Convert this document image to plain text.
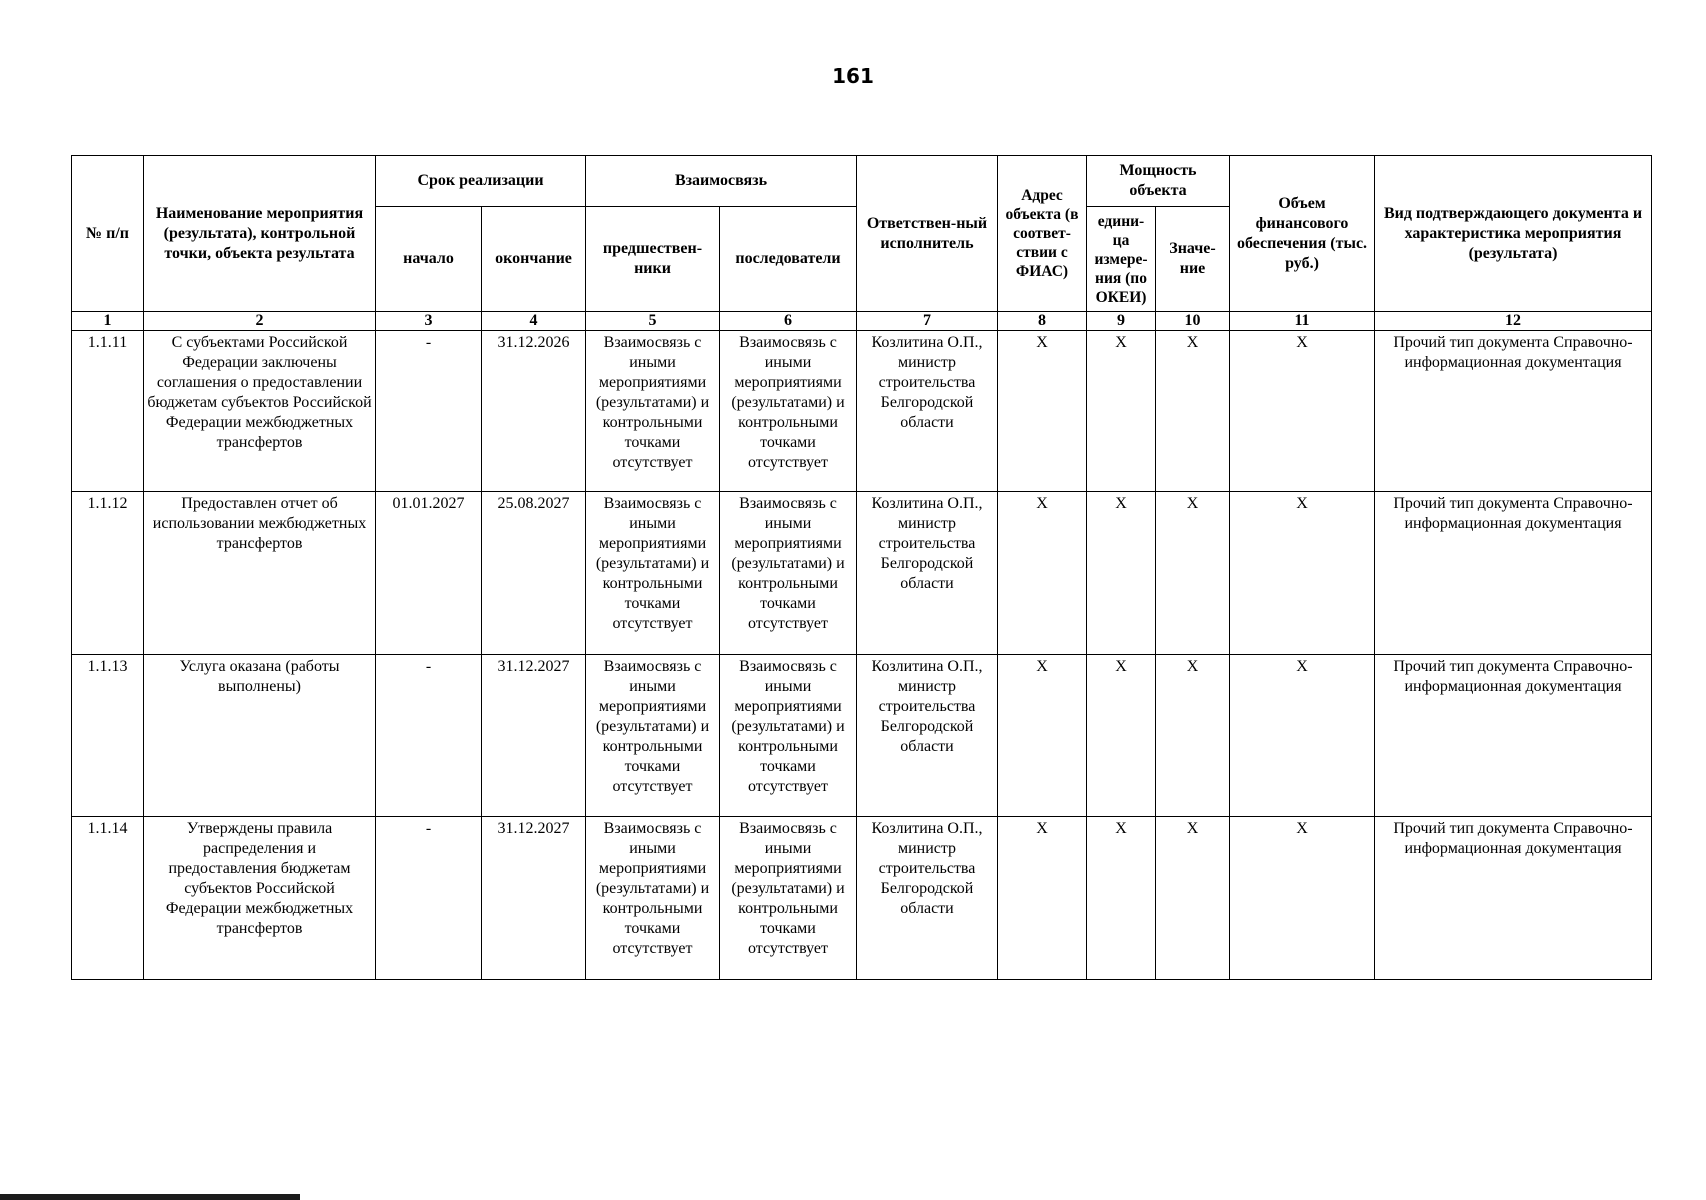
161
№ п/п	Наименование мероприятия (результата), контрольной точки, объекта результата	Срок реализации		Взаимосвязь		Ответствен-ный исполнитель	Адрес объекта (в соответ-ствии с ФИАС)	Мощность объекта		Объем финансового обеспечения (тыс. руб.)	Вид подтверждающего документа и характеристика мероприятия (результата)
		начало	окончание	предшествен-ники	последователи			едини-ца измере-ния (по ОКЕИ)	Значе-ние		
1	2	3	4	5	6	7	8	9	10	11	12
1.1.11	С субъектами Российской Федерации заключены соглашения о предоставлении бюджетам субъектов Российской Федерации межбюджетных трансфертов	-	31.12.2026	Взаимосвязь с иными мероприятиями (результатами) и контрольными точками отсутствует	Взаимосвязь с иными мероприятиями (результатами) и контрольными точками отсутствует	Козлитина О.П., министр строительства Белгородской области	X	X	X	X	Прочий тип документа Справочно-информационная документация
1.1.12	Предоставлен отчет об использовании межбюджетных трансфертов	01.01.2027	25.08.2027	Взаимосвязь с иными мероприятиями (результатами) и контрольными точками отсутствует	Взаимосвязь с иными мероприятиями (результатами) и контрольными точками отсутствует	Козлитина О.П., министр строительства Белгородской области	X	X	X	X	Прочий тип документа Справочно-информационная документация
1.1.13	Услуга оказана (работы выполнены)	-	31.12.2027	Взаимосвязь с иными мероприятиями (результатами) и контрольными точками отсутствует	Взаимосвязь с иными мероприятиями (результатами) и контрольными точками отсутствует	Козлитина О.П., министр строительства Белгородской области	X	X	X	X	Прочий тип документа Справочно-информационная документация
1.1.14	Утверждены правила распределения и предоставления бюджетам субъектов Российской Федерации межбюджетных трансфертов	-	31.12.2027	Взаимосвязь с иными мероприятиями (результатами) и контрольными точками отсутствует	Взаимосвязь с иными мероприятиями (результатами) и контрольными точками отсутствует	Козлитина О.П., министр строительства Белгородской области	X	X	X	X	Прочий тип документа Справочно-информационная документация
